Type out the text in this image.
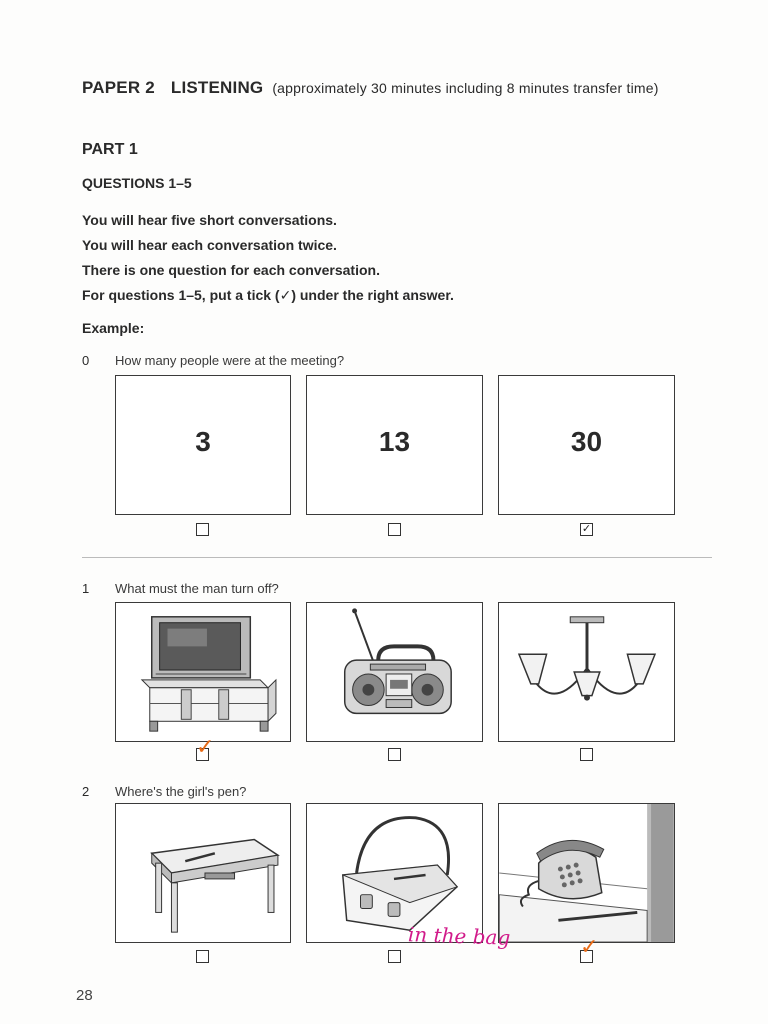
PAPER 2 LISTENING (approximately 30 minutes including 8 minutes transfer time)
PART 1
QUESTIONS 1–5
You will hear five short conversations.
You will hear each conversation twice.
There is one question for each conversation.
For questions 1–5, put a tick (✓) under the right answer.
Example:
0 How many people were at the meeting?
3	13	30
✓
1 What must the man turn off?
✓
2 Where's the girl's pen?
✓
in the bag
28
